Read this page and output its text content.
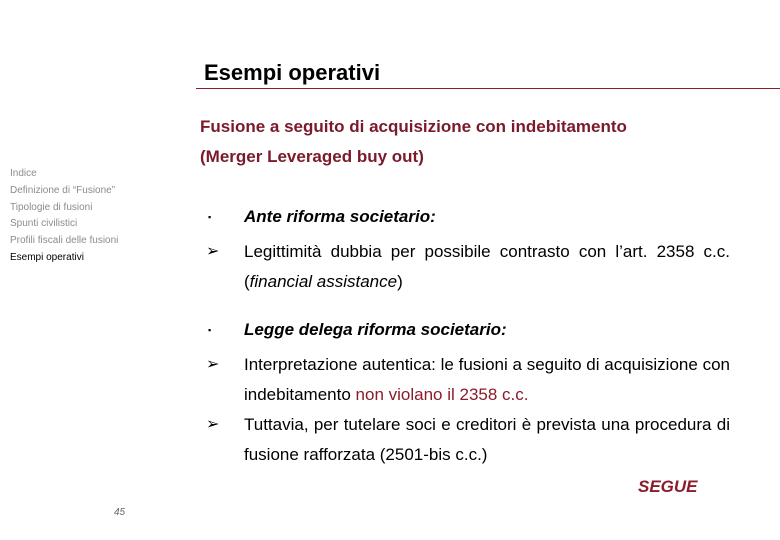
Esempi operativi
Fusione a seguito di acquisizione con indebitamento
(Merger Leveraged buy out)
Indice
Definizione di “Fusione”
Tipologie di fusioni
Spunti civilistici
Profili fiscali delle fusioni
Esempi operativi
▪	Ante riforma societario:
➢	Legittimità dubbia per possibile contrasto con l’art. 2358 c.c. (financial assistance)
▪	Legge delega riforma societario:
➢	Interpretazione autentica: le fusioni a seguito di acquisizione con indebitamento non violano il 2358 c.c.
➢	Tuttavia, per tutelare soci e creditori è prevista una procedura di fusione rafforzata (2501-bis c.c.)
SEGUE
45
